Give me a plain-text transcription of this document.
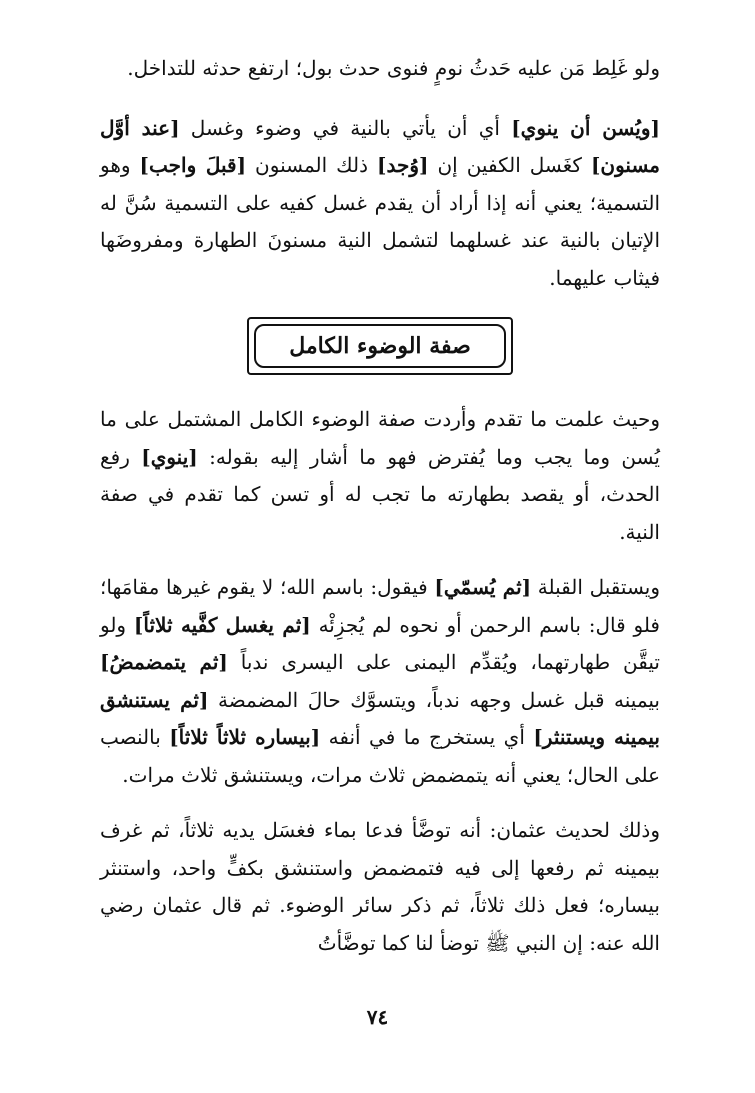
ولو غَلِط مَن عليه حَدثُ نومٍ فنوى حدث بول؛ ارتفع حدثه للتداخل.

[ويُسن أن ينوي] أي أن يأتي بالنية في وضوء وغسل [عند أوَّل مسنون] كغَسل الكفين إن [وُجد] ذلك المسنون [قبلَ واجب] وهو التسمية؛ يعني أنه إذا أراد أن يقدم غسل كفيه على التسمية سُنَّ له الإتيان بالنية عند غسلهما لتشمل النية مسنونَ الطهارة ومفروضَها فيثاب عليهما.

صفة الوضوء الكامل

وحيث علمت ما تقدم وأردت صفة الوضوء الكامل المشتمل على ما يُسن وما يجب وما يُفترض فهو ما أشار إليه بقوله: [ينوي] رفع الحدث، أو يقصد بطهارته ما تجب له أو تسن كما تقدم في صفة النية.

ويستقبل القبلة [ثم يُسمّي] فيقول: باسم الله؛ لا يقوم غيرها مقامَها؛ فلو قال: باسم الرحمن أو نحوه لم يُجزِئْه [ثم يغسل كفَّيه ثلاثاً] ولو تيقَّن طهارتهما، ويُقدِّم اليمنى على اليسرى ندباً [ثم يتمضمضُ] بيمينه قبل غسل وجهه ندباً، ويتسوَّك حالَ المضمضة [ثم يستنشق بيمينه ويستنثر] أي يستخرج ما في أنفه [بيساره ثلاثاً ثلاثاً] بالنصب على الحال؛ يعني أنه يتمضمض ثلاث مرات، ويستنشق ثلاث مرات.

وذلك لحديث عثمان: أنه توضَّأ فدعا بماء فغسَل يديه ثلاثاً، ثم غرف بيمينه ثم رفعها إلى فيه فتمضمض واستنشق بكفٍّ واحد، واستنثر بيساره؛ فعل ذلك ثلاثاً، ثم ذكر سائر الوضوء. ثم قال عثمان رضي الله عنه: إن النبي ﷺ توضأ لنا كما توضَّأتُ

٧٤
